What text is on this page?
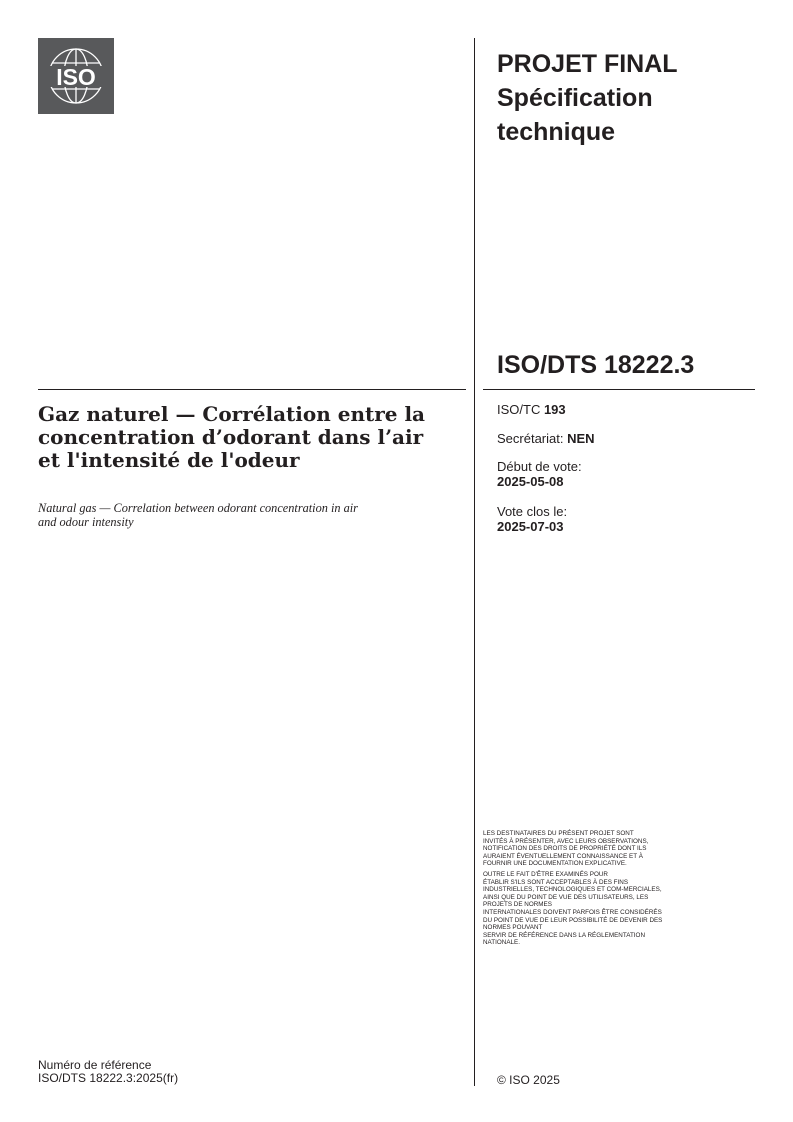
ISO	PROJET FINAL
Spécification
technique
ISO/DTS 18222.3
Gaz naturel — Corrélation entre la
concentration d’odorant dans l’air
et l'intensité de l'odeur
Natural gas — Correlation between odorant concentration in air
and odour intensity
ISO/TC 193
Secrétariat: NEN
Début de vote:
2025-05-08
Vote clos le:
2025-07-03

LES DESTINATAIRES DU PRÉSENT PROJET SONT
INVITÉS À PRÉSENTER, AVEC LEURS OBSERVATIONS,
NOTIFICATION DES DROITS DE PROPRIÉTÉ DONT ILS
AURAIENT ÉVENTUELLEMENT CONNAISSANCE ET À
FOURNIR UNE DOCUMENTATION EXPLICATIVE.

OUTRE LE FAIT D'ÊTRE EXAMINÉS POUR
ÉTABLIR S'ILS SONT ACCEPTABLES À DES FINS
INDUSTRIELLES, TECHNOLOGIQUES ET COM-MERCIALES,
AINSI QUE DU POINT DE VUE DES UTILISATEURS, LES
PROJETS DE NORMES
INTERNATIONALES DOIVENT PARFOIS ÊTRE CONSIDÉRÉS
DU POINT DE VUE DE LEUR POSSIBILITÉ DE DEVENIR DES
NORMES POUVANT
SERVIR DE RÉFÉRENCE DANS LA RÉGLEMENTATION
NATIONALE.

Numéro de référence
ISO/DTS 18222.3:2025(fr)	© ISO 2025
